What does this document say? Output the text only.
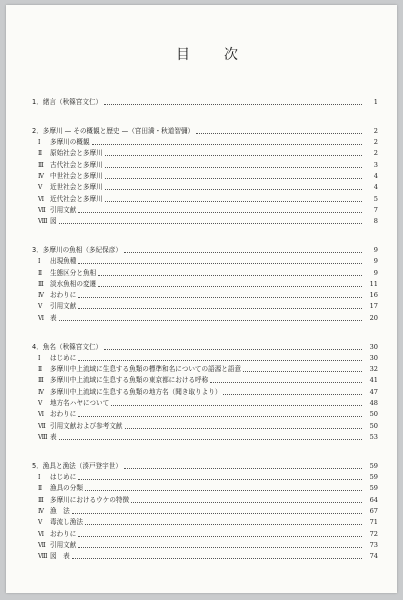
目 次
1．緒言（秋篠宮文仁）	1
2．多摩川 — その概観と歴史 —（宮田満・秋道智彌）	2
Ⅰ	多摩川の概観	2
Ⅱ	原始社会と多摩川	2
Ⅲ 古代社会と多摩川	3
Ⅳ 中世社会と多摩川	4
Ⅴ	近世社会と多摩川	4
Ⅵ 近代社会と多摩川	5
Ⅶ 引用文献	7
Ⅷ 図	8
3．多摩川の魚相（多紀保彦）	9
Ⅰ	出現魚種	9
Ⅱ	生態区分と魚相	9
Ⅲ 淡水魚相の変遷	11
Ⅳ おわりに	16
Ⅴ	引用文献	17
Ⅵ 表	20
4．魚名（秋篠宮文仁）	30
Ⅰ	はじめに	30
Ⅱ	多摩川中上流域に生息する魚類の標準和名についての語源と語意	32
Ⅲ 多摩川中上流域に生息する魚類の東京都における呼称	41
Ⅳ 多摩川中上流域に生息する魚類の地方名（聞き取りより）	47
Ⅴ	地方名ハヤについて	48
Ⅵ おわりに	50
Ⅶ 引用文献および参考文献	50
Ⅷ 表	53
5．漁具と漁法（湊戸登宇世）	59
Ⅰ	はじめに	59
Ⅱ	漁具の分類	59
Ⅲ 多摩川におけるウケの特徴	64
Ⅳ 漁　法	67
Ⅴ	毒流し漁法	71
Ⅵ おわりに	72
Ⅶ 引用文献	73
Ⅷ 図　表	74
